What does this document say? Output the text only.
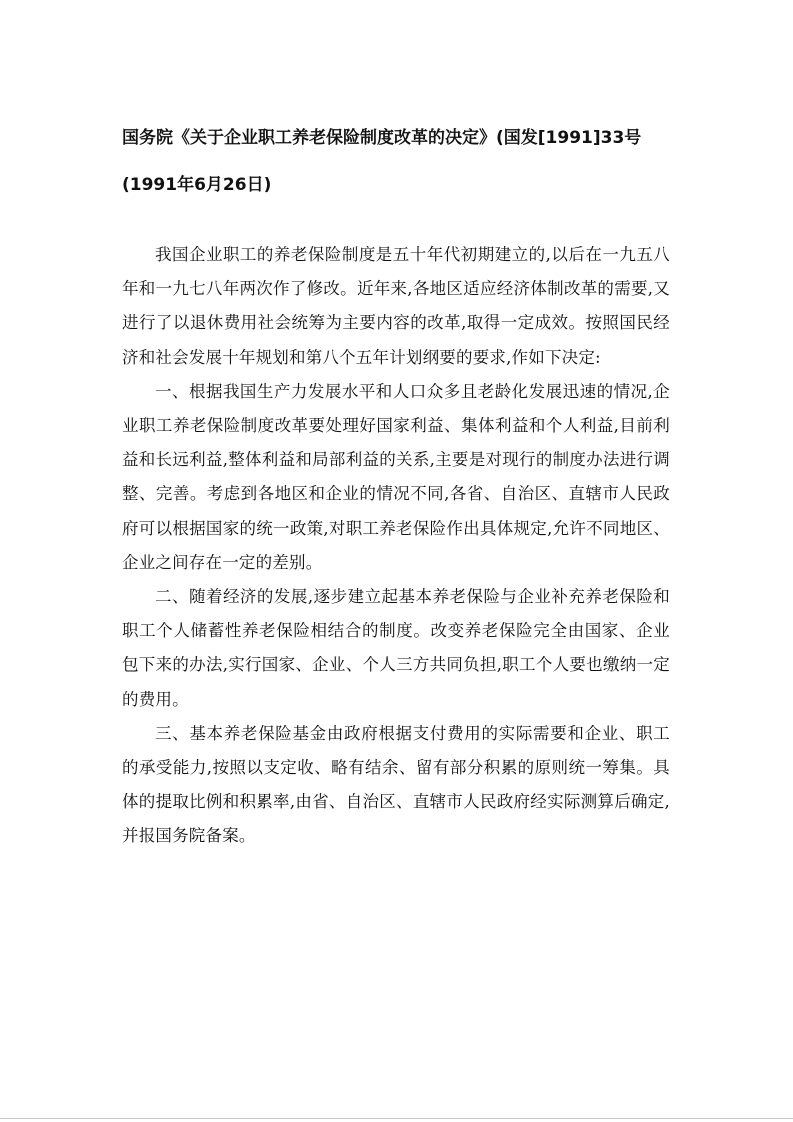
国务院《关于企业职工养老保险制度改革的决定》(国发[1991]33号

(1991年6月26日)

我国企业职工的养老保险制度是五十年代初期建立的,以后在一九五八年和一九七八年两次作了修改。近年来,各地区适应经济体制改革的需要,又进行了以退休费用社会统筹为主要内容的改革,取得一定成效。按照国民经济和社会发展十年规划和第八个五年计划纲要的要求,作如下决定:

一、根据我国生产力发展水平和人口众多且老龄化发展迅速的情况,企业职工养老保险制度改革要处理好国家利益、集体利益和个人利益,目前利益和长远利益,整体利益和局部利益的关系,主要是对现行的制度办法进行调整、完善。考虑到各地区和企业的情况不同,各省、自治区、直辖市人民政府可以根据国家的统一政策,对职工养老保险作出具体规定,允许不同地区、企业之间存在一定的差别。

二、随着经济的发展,逐步建立起基本养老保险与企业补充养老保险和职工个人储蓄性养老保险相结合的制度。改变养老保险完全由国家、企业包下来的办法,实行国家、企业、个人三方共同负担,职工个人要也缴纳一定的费用。

三、基本养老保险基金由政府根据支付费用的实际需要和企业、职工的承受能力,按照以支定收、略有结余、留有部分积累的原则统一筹集。具体的提取比例和积累率,由省、自治区、直辖市人民政府经实际测算后确定,并报国务院备案。
